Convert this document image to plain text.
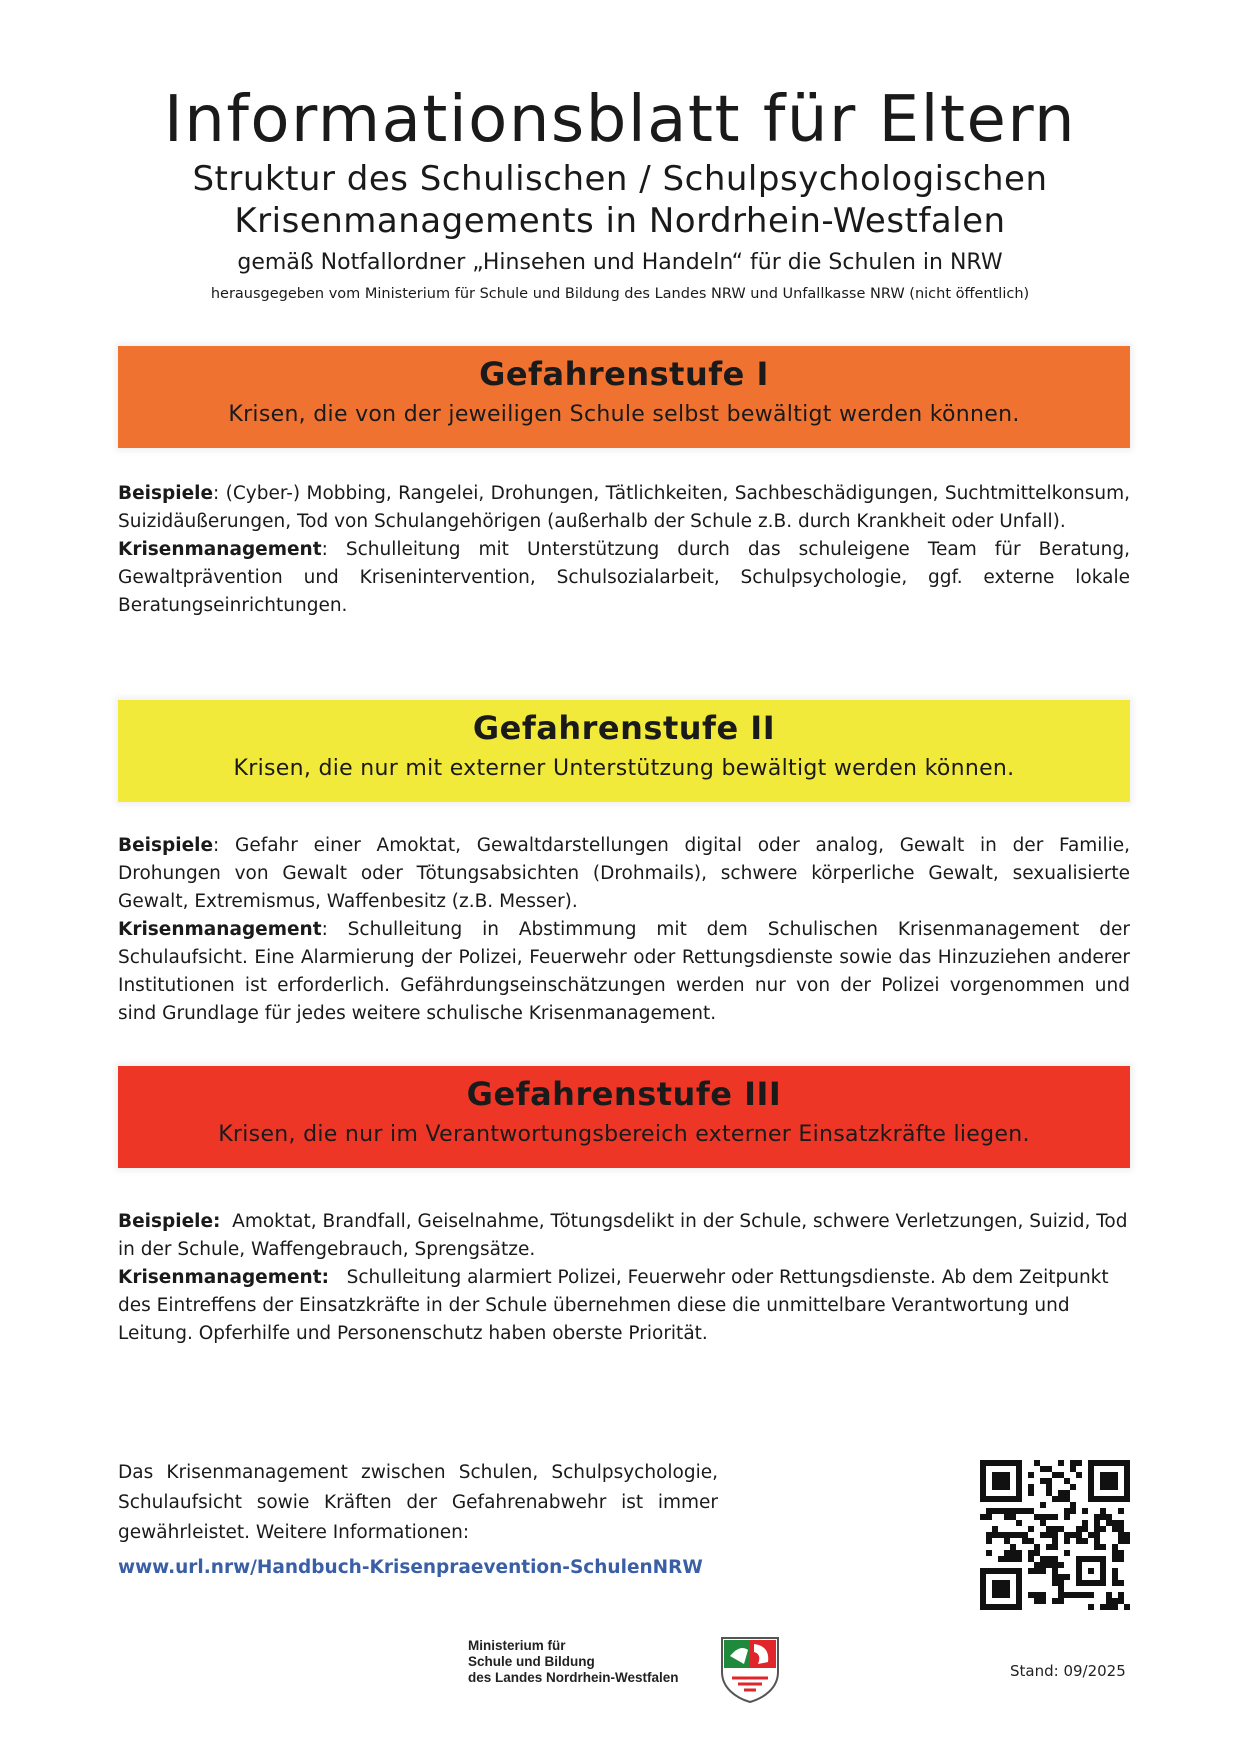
Informationsblatt für Eltern
Struktur des Schulischen / Schulpsychologischen
Krisenmanagements in Nordrhein-Westfalen
gemäß Notfallordner „Hinsehen und Handeln“ für die Schulen in NRW
herausgegeben vom Ministerium für Schule und Bildung des Landes NRW und Unfallkasse NRW (nicht öffentlich)
Gefahrenstufe I

Krisen, die von der jeweiligen Schule selbst bewältigt werden können.

Beispiele: (Cyber-) Mobbing, Rangelei, Drohungen, Tätlichkeiten, Sachbeschädigungen, Suchtmittelkonsum, Suizidäußerungen, Tod von Schulangehörigen (außerhalb der Schule z.B. durch Krankheit oder Unfall).

Krisenmanagement: Schulleitung mit Unterstützung durch das schuleigene Team für Beratung, Gewaltprävention und Krisenintervention, Schulsozialarbeit, Schulpsychologie, ggf. externe lokale Beratungseinrichtungen.

Gefahrenstufe II

Krisen, die nur mit externer Unterstützung bewältigt werden können.

Beispiele: Gefahr einer Amoktat, Gewaltdarstellungen digital oder analog, Gewalt in der Familie, Drohungen von Gewalt oder Tötungsabsichten (Drohmails), schwere körperliche Gewalt, sexualisierte Gewalt, Extremismus, Waffenbesitz (z.B. Messer).

Krisenmanagement: Schulleitung in Abstimmung mit dem Schulischen Krisenmanagement der Schulaufsicht. Eine Alarmierung der Polizei, Feuerwehr oder Rettungsdienste sowie das Hinzuziehen anderer Institutionen ist erforderlich. Gefährdungseinschätzungen werden nur von der Polizei vorgenommen und sind Grundlage für jedes weitere schulische Krisenmanagement.

Gefahrenstufe III

Krisen, die nur im Verantwortungsbereich externer Einsatzkräfte liegen.

Beispiele:  Amoktat, Brandfall, Geiselnahme, Tötungsdelikt in der Schule, schwere Verletzungen, Suizid, Tod in der Schule, Waffengebrauch, Sprengsätze.

Krisenmanagement:   Schulleitung alarmiert Polizei, Feuerwehr oder Rettungsdienste. Ab dem Zeitpunkt des Eintreffens der Einsatzkräfte in der Schule übernehmen diese die unmittelbare Verantwortung und Leitung. Opferhilfe und Personenschutz haben oberste Priorität.

Das Krisenmanagement zwischen Schulen, Schulpsychologie, Schulaufsicht sowie Kräften der Gefahrenabwehr ist immer gewährleistet. Weitere Informationen:
www.url.nrw/Handbuch-Krisenpraevention-SchulenNRW
Ministerium für
Schule und Bildung
des Landes Nordrhein-Westfalen	Stand: 09/2025
